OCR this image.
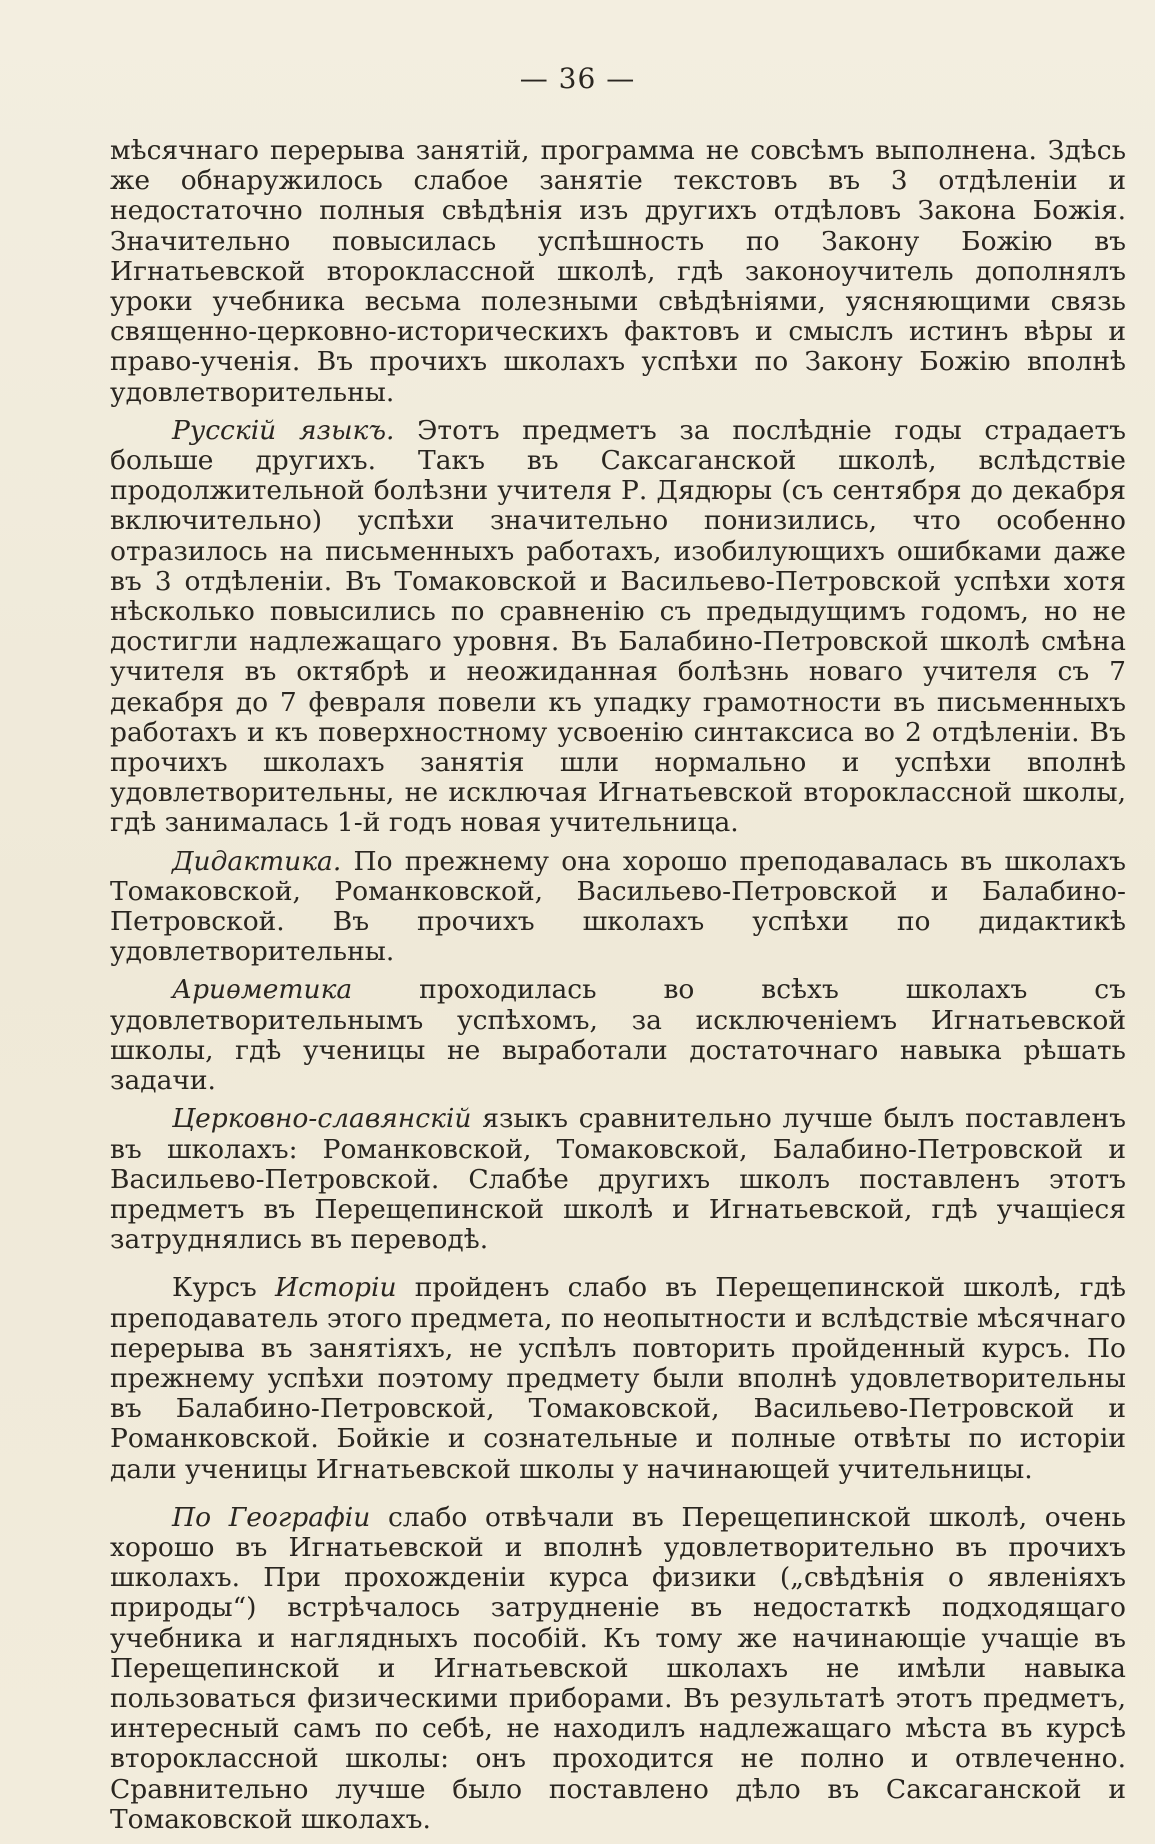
— 36 —

мѣсячнаго перерыва занятій, программа не совсѣмъ выполнена. Здѣсь же обнаружилось слабое занятіе текстовъ въ 3 отдѣленіи и недостаточно полныя свѣдѣнія изъ другихъ отдѣловъ Закона Божія. Значительно повысилась успѣшность по Закону Божію въ Игнатьевской второклассной школѣ, гдѣ законоучитель дополнялъ уроки учебника весьма полезными свѣдѣніями, уясняющими связь священно-церковно-историческихъ фактовъ и смыслъ истинъ вѣры и право-ученія. Въ прочихъ школахъ успѣхи по Закону Божію вполнѣ удовлетворительны.

Русскій языкъ. Этотъ предметъ за послѣдніе годы страдаетъ больше другихъ. Такъ въ Саксаганской школѣ, вслѣдствіе продолжительной болѣзни учителя Р. Дядюры (съ сентября до декабря включительно) успѣхи значительно понизились, что особенно отразилось на письменныхъ работахъ, изобилующихъ ошибками даже въ 3 отдѣленіи. Въ Томаковской и Васильево-Петровской успѣхи хотя нѣсколько повысились по сравненію съ предыдущимъ годомъ, но не достигли надлежащаго уровня. Въ Балабино-Петровской школѣ смѣна учителя въ октябрѣ и неожиданная болѣзнь новаго учителя съ 7 декабря до 7 февраля повели къ упадку грамотности въ письменныхъ работахъ и къ поверхностному усвоенію синтаксиса во 2 отдѣленіи. Въ прочихъ школахъ занятія шли нормально и успѣхи вполнѣ удовлетворительны, не исключая Игнатьевской второклассной школы, гдѣ занималась 1-й годъ новая учительница.

Дидактика. По прежнему она хорошо преподавалась въ школахъ Томаковской, Романковской, Васильево-Петровской и Балабино-Петровской. Въ прочихъ школахъ успѣхи по дидактикѣ удовлетворительны.

Ариѳметика проходилась во всѣхъ школахъ съ удовлетворительнымъ успѣхомъ, за исключеніемъ Игнатьевской школы, гдѣ ученицы не выработали достаточнаго навыка рѣшать задачи.

Церковно-славянскій языкъ сравнительно лучше былъ поставленъ въ школахъ: Романковской, Томаковской, Балабино-Петровской и Васильево-Петровской. Слабѣе другихъ школъ поставленъ этотъ предметъ въ Перещепинской школѣ и Игнатьевской, гдѣ учащіеся затруднялись въ переводѣ.

Курсъ Исторіи пройденъ слабо въ Перещепинской школѣ, гдѣ преподаватель этого предмета, по неопытности и вслѣдствіе мѣсячнаго перерыва въ занятіяхъ, не успѣлъ повторить пройденный курсъ. По прежнему успѣхи поэтому предмету были вполнѣ удовлетворительны въ Балабино-Петровской, Томаковской, Васильево-Петровской и Романковской. Бойкіе и сознательные и полные отвѣты по исторіи дали ученицы Игнатьевской школы у начинающей учительницы.

По Географіи слабо отвѣчали въ Перещепинской школѣ, очень хорошо въ Игнатьевской и вполнѣ удовлетворительно въ прочихъ школахъ. При прохожденіи курса физики („свѣдѣнія о явленіяхъ природы“) встрѣчалось затрудненіе въ недостаткѣ подходящаго учебника и наглядныхъ пособій. Къ тому же начинающіе учащіе въ Перещепинской и Игнатьевской школахъ не имѣли навыка пользоваться физическими приборами. Въ результатѣ этотъ предметъ, интересный самъ по себѣ, не находилъ надлежащаго мѣста въ курсѣ второклассной школы: онъ проходится не полно и отвлеченно. Сравнительно лучше было поставлено дѣло въ Саксаганской и Томаковской школахъ.
